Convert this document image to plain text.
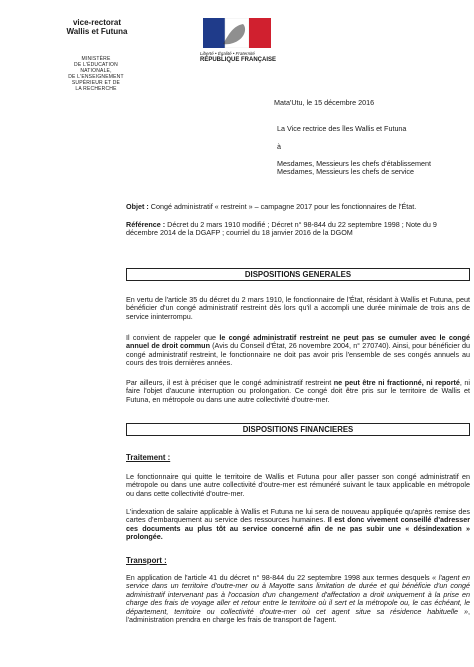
vice-rectorat
Wallis et Futuna
MINISTÈRE
DE L'ÉDUCATION
NATIONALE,
DE L'ENSEIGNEMENT
SUPÉRIEUR ET DE
LA RECHERCHE
Liberté • Égalité • Fraternité
RÉPUBLIQUE FRANÇAISE
Mata'Utu, le 15 décembre 2016
La Vice rectrice des îles Wallis et Futuna
à
Mesdames, Messieurs les chefs d'établissement
Mesdames, Messieurs les chefs de service
Objet : Congé administratif « restreint » – campagne 2017 pour les fonctionnaires de l'État.
Référence : Décret du 2 mars 1910 modifié ; Décret n° 98-844 du 22 septembre 1998 ; Note du 9 décembre 2014 de la DGAFP ; courriel du 18 janvier 2016 de la DGOM
DISPOSITIONS GENERALES
En vertu de l'article 35 du décret du 2 mars 1910, le fonctionnaire de l'État, résidant à Wallis et Futuna, peut bénéficier d'un congé administratif restreint dès lors qu'il a accompli une durée minimale de trois ans de service ininterrompu.
Il convient de rappeler que le congé administratif restreint ne peut pas se cumuler avec le congé annuel de droit commun (Avis du Conseil d'État, 26 novembre 2004, n° 270740). Ainsi, pour bénéficier du congé administratif restreint, le fonctionnaire ne doit pas avoir pris l'ensemble de ses congés annuels au cours des trois dernières années.
Par ailleurs, il est à préciser que le congé administratif restreint ne peut être ni fractionné, ni reporté, ni faire l'objet d'aucune interruption ou prolongation. Ce congé doit être pris sur le territoire de Wallis et Futuna, en métropole ou dans une autre collectivité d'outre-mer.
DISPOSITIONS FINANCIERES
Traitement :
Le fonctionnaire qui quitte le territoire de Wallis et Futuna pour aller passer son congé administratif en métropole ou dans une autre collectivité d'outre-mer est rémunéré suivant le taux applicable en métropole ou dans cette collectivité d'outre-mer.
L'indexation de salaire applicable à Wallis et Futuna ne lui sera de nouveau appliquée qu'après remise des cartes d'embarquement au service des ressources humaines. Il est donc vivement conseillé d'adresser ces documents au plus tôt au service concerné afin de ne pas subir une « désindexation » prolongée.
Transport :
En application de l'article 41 du décret n° 98-844 du 22 septembre 1998 aux termes desquels « l'agent en service dans un territoire d'outre-mer ou à Mayotte sans limitation de durée et qui bénéficie d'un congé administratif intervenant pas à l'occasion d'un changement d'affectation a droit uniquement à la prise en charge des frais de voyage aller et retour entre le territoire où il sert et la métropole ou, le cas échéant, le département, territoire ou collectivité d'outre-mer où cet agent situe sa résidence habituelle », l'administration prendra en charge les frais de transport de l'agent.
